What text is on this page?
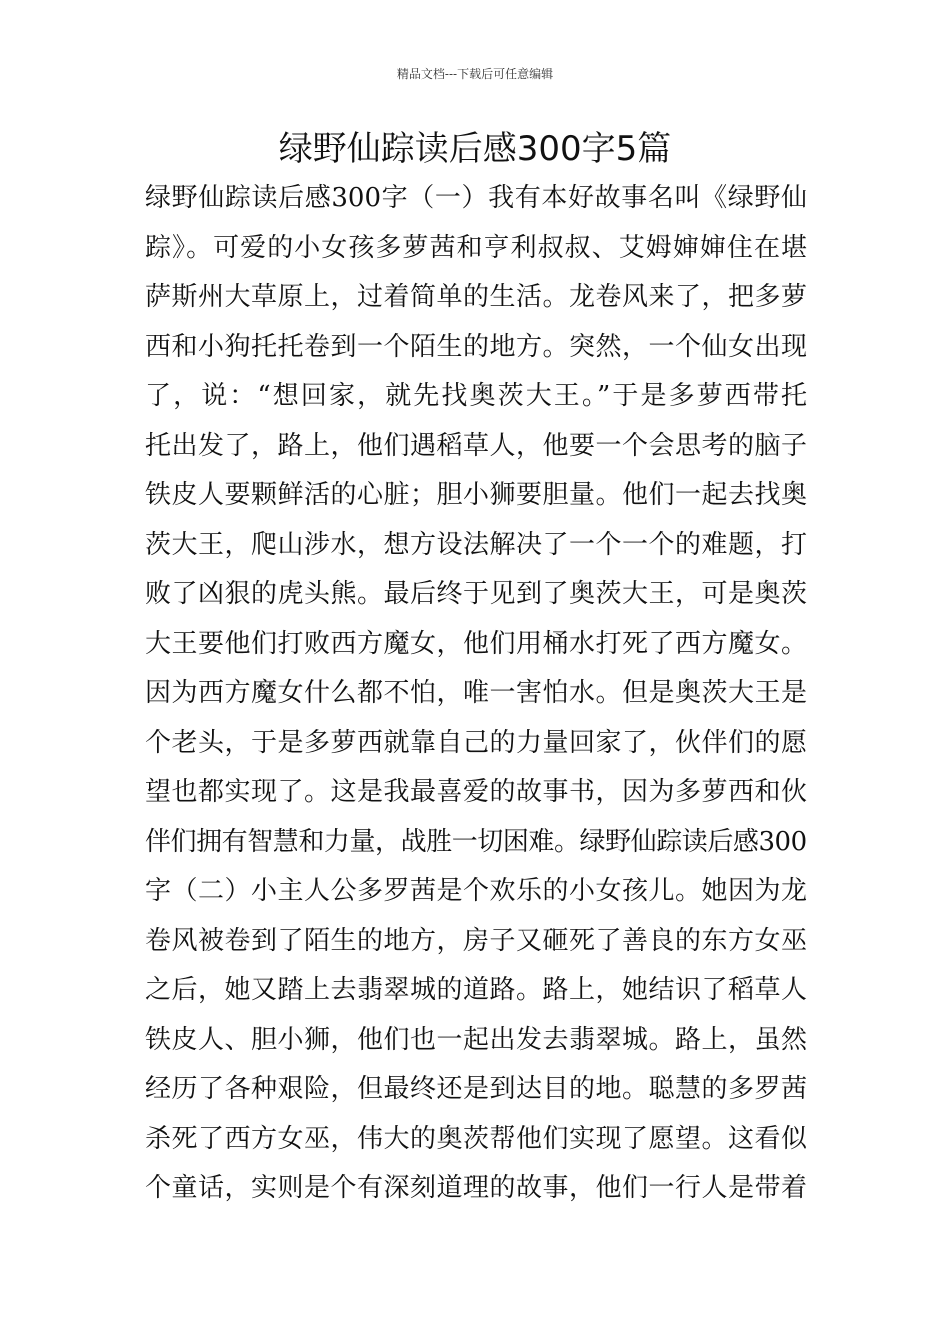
精品文档---下载后可任意编辑
绿野仙踪读后感300字5篇
绿野仙踪读后感300字（一）我有本好故事名叫《绿野仙
踪》。可爱的小女孩多萝茜和亨利叔叔、艾姆婶婶住在堪
萨斯州大草原上，过着简单的生活。龙卷风来了，把多萝
西和小狗托托卷到一个陌生的地方。突然，一个仙女出现
了，说：“想回家，就先找奥茨大王。”于是多萝西带托
托出发了，路上，他们遇稻草人，他要一个会思考的脑子
铁皮人要颗鲜活的心脏；胆小狮要胆量。他们一起去找奥
茨大王，爬山涉水，想方设法解决了一个一个的难题，打
败了凶狠的虎头熊。最后终于见到了奥茨大王，可是奥茨
大王要他们打败西方魔女，他们用桶水打死了西方魔女。
因为西方魔女什么都不怕，唯一害怕水。但是奥茨大王是
个老头，于是多萝西就靠自己的力量回家了，伙伴们的愿
望也都实现了。这是我最喜爱的故事书，因为多萝西和伙
伴们拥有智慧和力量，战胜一切困难。绿野仙踪读后感300
字（二）小主人公多罗茜是个欢乐的小女孩儿。她因为龙
卷风被卷到了陌生的地方，房子又砸死了善良的东方女巫
之后，她又踏上去翡翠城的道路。路上，她结识了稻草人
铁皮人、胆小狮，他们也一起出发去翡翠城。路上，虽然
经历了各种艰险，但最终还是到达目的地。聪慧的多罗茜
杀死了西方女巫，伟大的奥茨帮他们实现了愿望。这看似
个童话，实则是个有深刻道理的故事，他们一行人是带着
